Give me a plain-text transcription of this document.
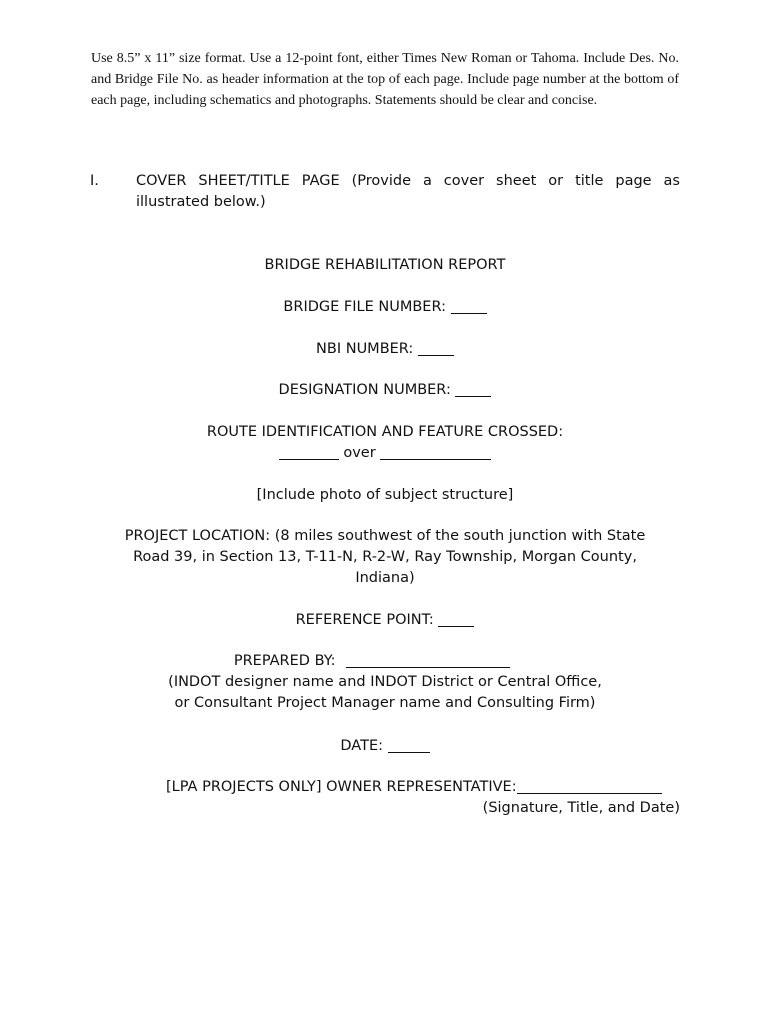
Use 8.5” x 11” size format. Use a 12-point font, either Times New Roman or Tahoma. Include Des. No. and Bridge File No. as header information at the top of each page. Include page number at the bottom of each page, including schematics and photographs. Statements should be clear and concise.
I.	COVER SHEET/TITLE PAGE (Provide a cover sheet or title page as illustrated below.)
BRIDGE REHABILITATION REPORT
BRIDGE FILE NUMBER:
NBI NUMBER:
DESIGNATION NUMBER:
ROUTE IDENTIFICATION AND FEATURE CROSSED:
over
[Include photo of subject structure]
PROJECT LOCATION: (8 miles southwest of the south junction with State Road 39, in Section 13, T-11-N, R-2-W, Ray Township, Morgan County, Indiana)
REFERENCE POINT:
PREPARED BY:
(INDOT designer name and INDOT District or Central Office,
or Consultant Project Manager name and Consulting Firm)
DATE:
[LPA PROJECTS ONLY] OWNER REPRESENTATIVE:
(Signature, Title, and Date)
